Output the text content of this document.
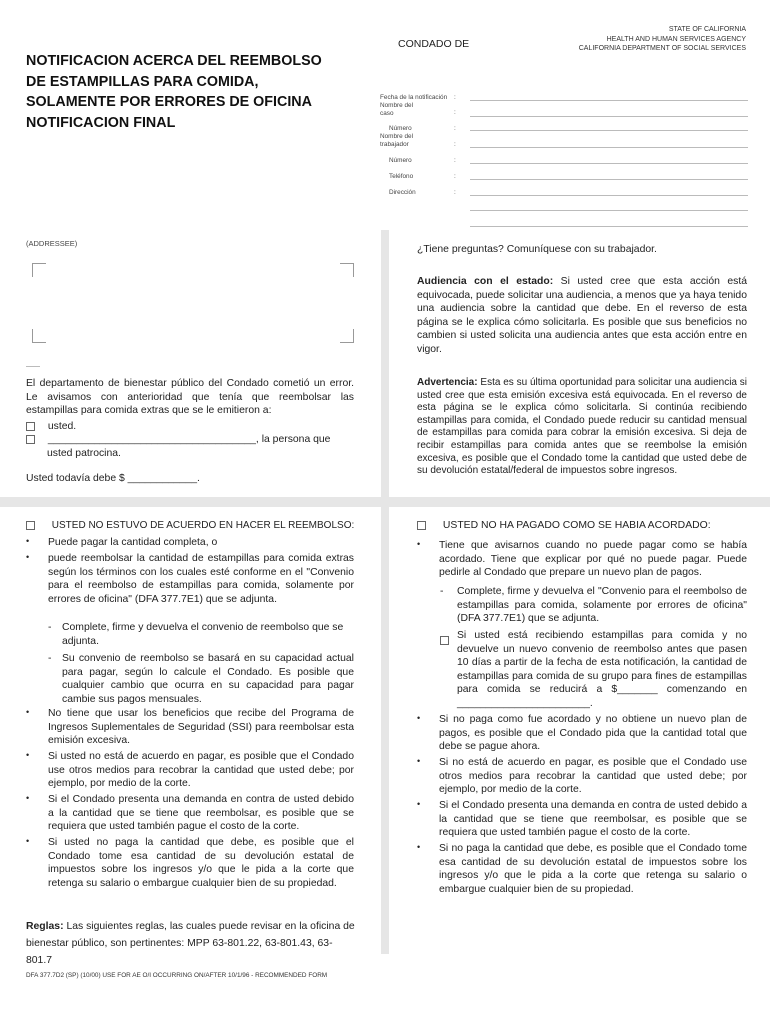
STATE OF CALIFORNIA
HEALTH AND HUMAN SERVICES AGENCY
CALIFORNIA DEPARTMENT OF SOCIAL SERVICES
CONDADO DE
NOTIFICACION ACERCA DEL REEMBOLSO
DE ESTAMPILLAS PARA COMIDA,
SOLAMENTE POR ERRORES DE OFICINA
NOTIFICACION FINAL
Fecha de la notificación :
Nombre del caso	:
Número	:
Nombre del trabajador	:
Número	:
Teléfono	:
Dirección	:
(ADDRESSEE)
¿Tiene preguntas? Comuníquese con su trabajador.
Audiencia con el estado: Si usted cree que esta acción está equivocada, puede solicitar una audiencia, a menos que ya haya tenido una audiencia sobre la cantidad que debe. En el reverso de esta página se le explica cómo solicitarla. Es posible que sus beneficios no cambien si usted solicita una audiencia antes que esta acción entre en vigor.
Advertencia: Esta es su última oportunidad para solicitar una audiencia si usted cree que esta emisión excesiva está equivocada. En el reverso de esta página se le explica cómo solicitarla. Si continúa recibiendo estampillas para comida, el Condado puede reducir su cantidad mensual de estampillas para comida para cobrar la emisión excesiva. Si deja de recibir estampillas para comida antes que se reembolse la emisión excesiva, es posible que el Condado tome la cantidad que usted debe de su devolución estatal/federal de impuestos sobre ingresos.
El departamento de bienestar público del Condado cometió un error. Le avisamos con anterioridad que tenía que reembolsar las estampillas para comida extras que se le emitieron a:
usted.
____________________________________, la persona que
usted patrocina.
Usted todavía debe $ ____________.
USTED NO ESTUVO DE ACUERDO EN HACER EL REEMBOLSO:
• Puede pagar la cantidad completa, o
• puede reembolsar la cantidad de estampillas para comida extras según los términos con los cuales esté conforme en el "Convenio para el reembolso de estampillas para comida, solamente por errores de oficina" (DFA 377.7E1) que se adjunta.
- Complete, firme y devuelva el convenio de reembolso que se adjunta.
- Su convenio de reembolso se basará en su capacidad actual para pagar, según lo calcule el Condado. Es posible que cualquier cambio que ocurra en su capacidad para pagar cambie sus pagos mensuales.
• No tiene que usar los beneficios que recibe del Programa de Ingresos Suplementales de Seguridad (SSI) para reembolsar esta emisión excesiva.
• Si usted no está de acuerdo en pagar, es posible que el Condado use otros medios para recobrar la cantidad que usted debe; por ejemplo, por medio de la corte.
• Si el Condado presenta una demanda en contra de usted debido a la cantidad que se tiene que reembolsar, es posible que se requiera que usted también pague el costo de la corte.
• Si usted no paga la cantidad que debe, es posible que el Condado tome esa cantidad de su devolución estatal de impuestos sobre los ingresos y/o que le pida a la corte que retenga su salario o embargue cualquier bien de su propiedad.
USTED NO HA PAGADO COMO SE HABIA ACORDADO:
• Tiene que avisarnos cuando no puede pagar como se había acordado. Tiene que explicar por qué no puede pagar. Puede pedirle al Condado que prepare un nuevo plan de pagos.
- Complete, firme y devuelva el "Convenio para el reembolso de estampillas para comida, solamente por errores de oficina" (DFA 377.7E1) que se adjunta.
Si usted está recibiendo estampillas para comida y no devuelve un nuevo convenio de reembolso antes que pasen 10 días a partir de la fecha de esta notificación, la cantidad de estampillas para comida de su grupo para fines de estampillas para comida se reducirá a $_______ comenzando en _______________________.
• Si no paga como fue acordado y no obtiene un nuevo plan de pagos, es posible que el Condado pida que la cantidad total que debe se pague ahora.
• Si no está de acuerdo en pagar, es posible que el Condado use otros medios para recobrar la cantidad que usted debe; por ejemplo, por medio de la corte.
• Si el Condado presenta una demanda en contra de usted debido a la cantidad que se tiene que reembolsar, es posible que se requiera que usted también pague el costo de la corte.
• Si no paga la cantidad que debe, es posible que el Condado tome esa cantidad de su devolución estatal de impuestos sobre los ingresos y/o que le pida a la corte que retenga su salario o embargue cualquier bien de su propiedad.
Reglas: Las siguientes reglas, las cuales puede revisar en la oficina de bienestar público, son pertinentes: MPP 63-801.22, 63-801.43, 63-801.7
DFA 377.7D2 (SP) (10/00) USE FOR AE O/I OCCURRING ON/AFTER 10/1/96 - RECOMMENDED FORM
